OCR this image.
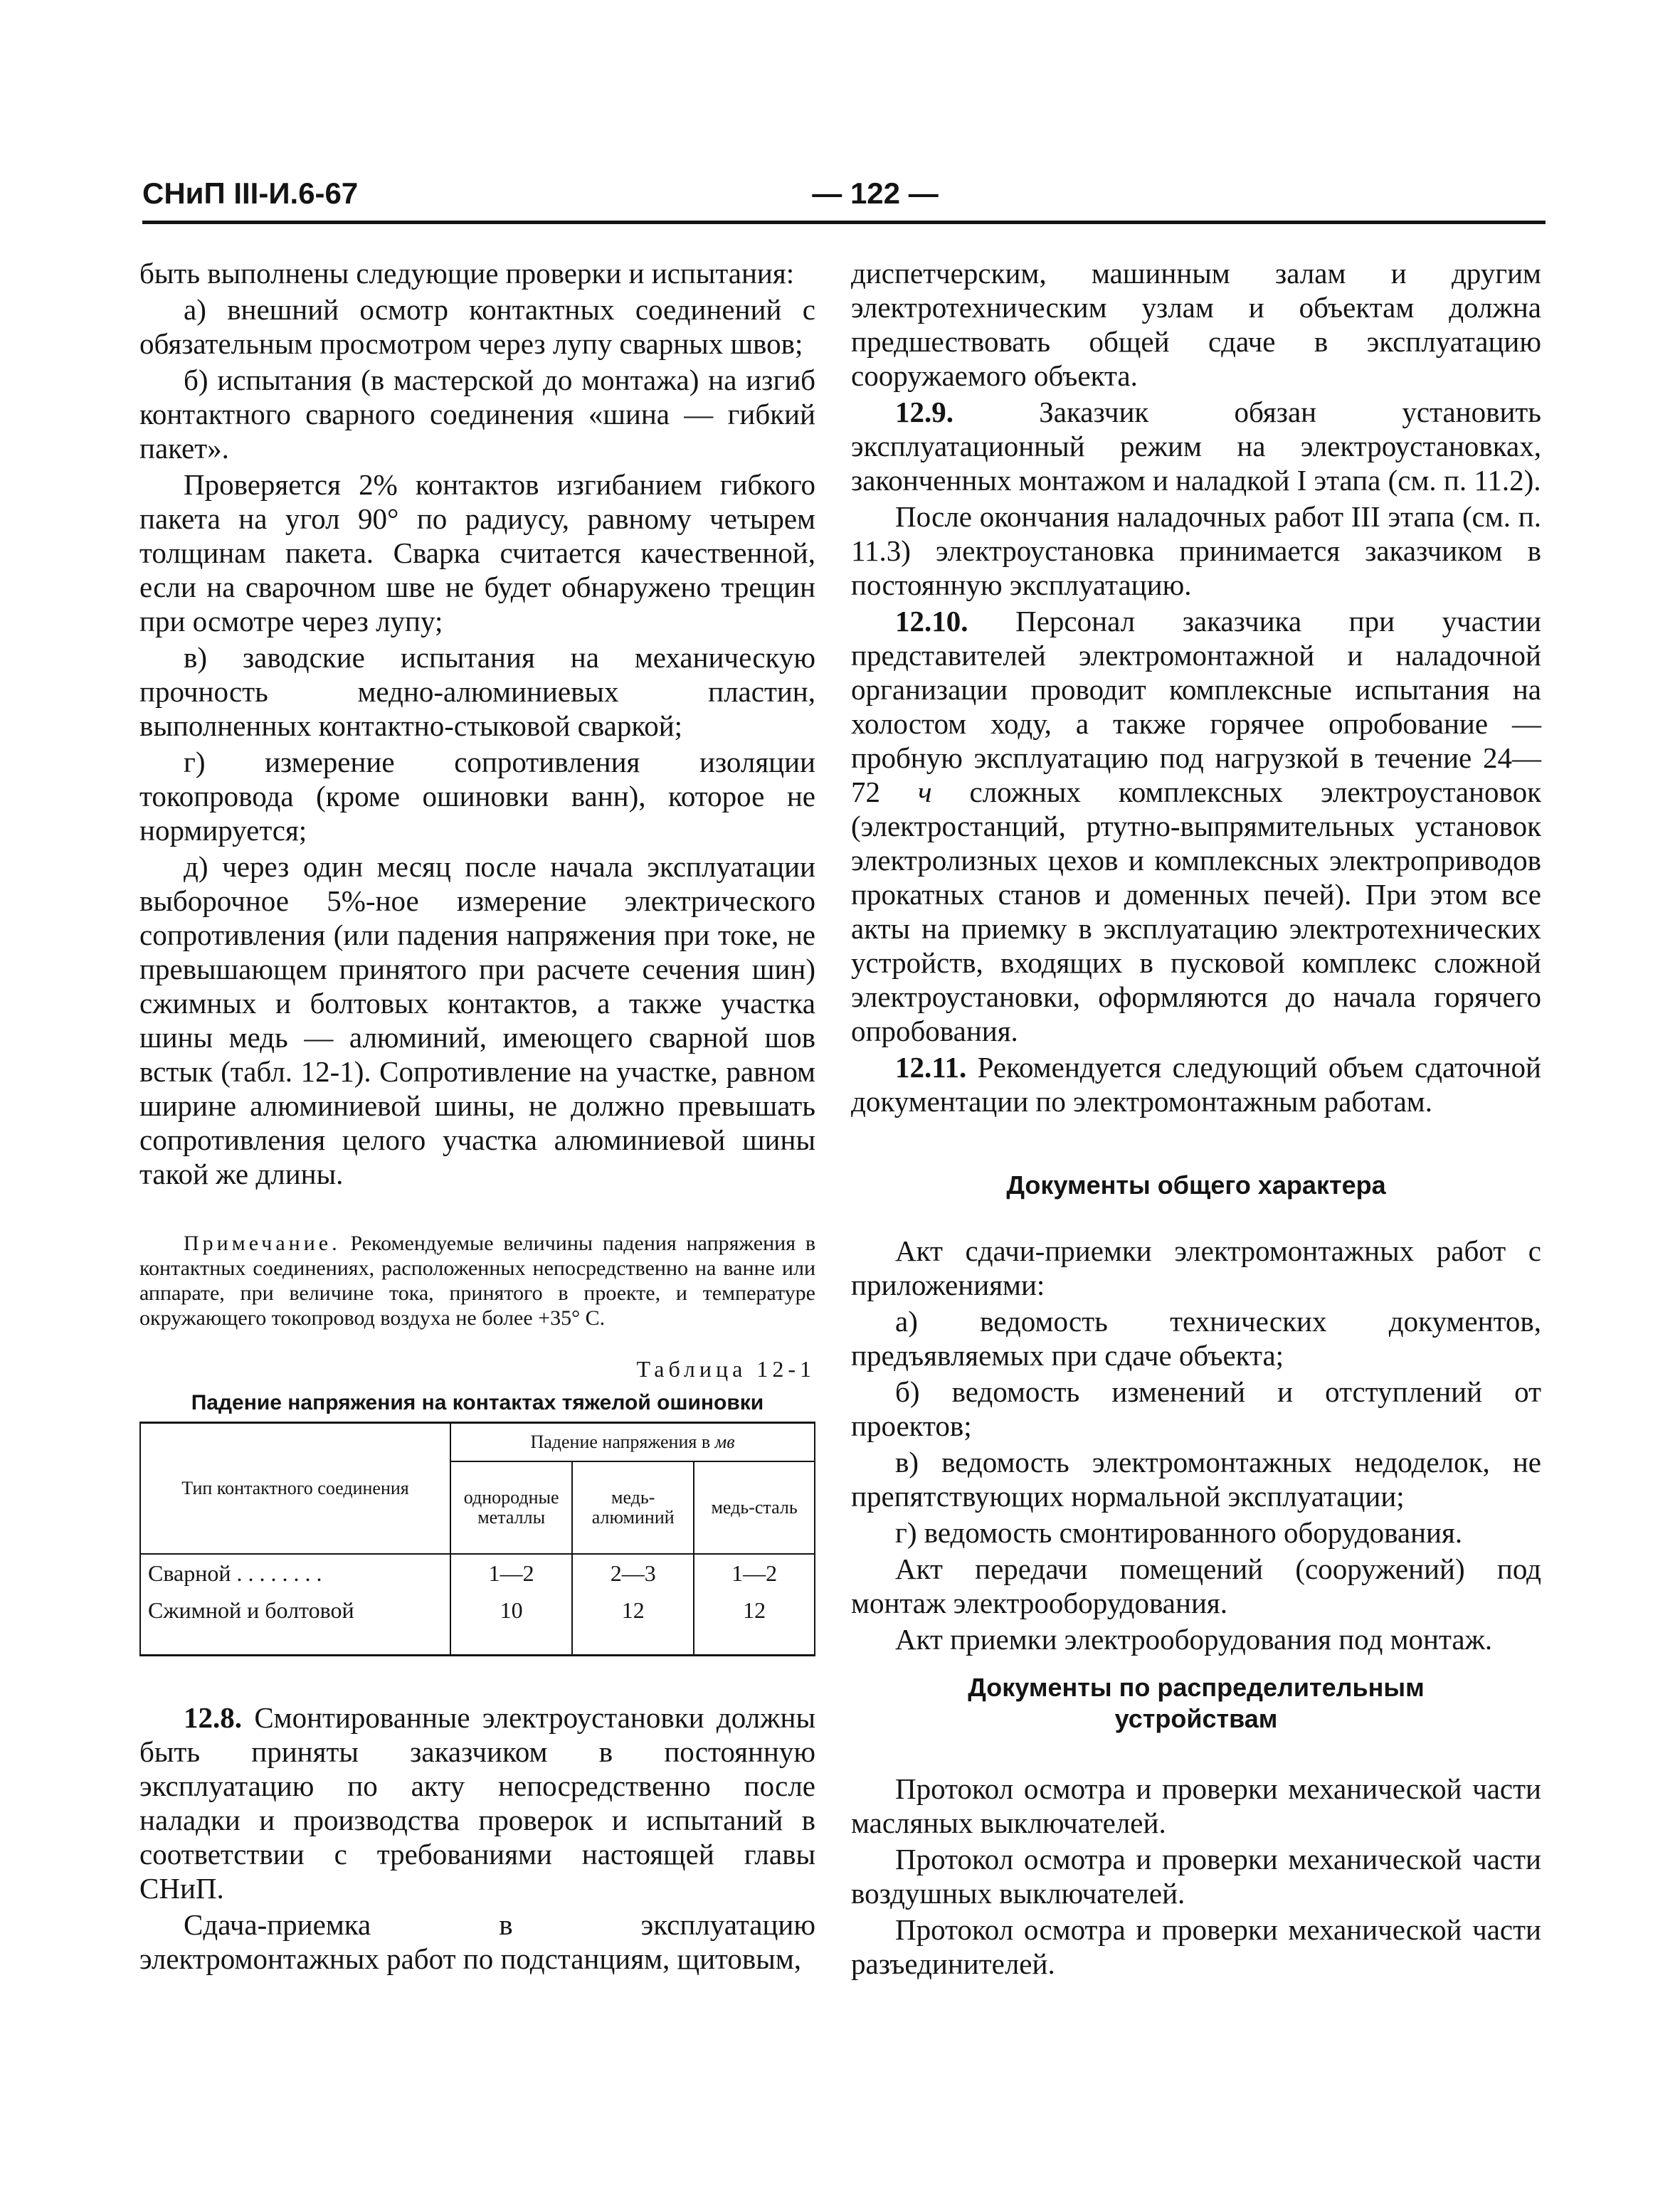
СНиП III-И.6-67	— 122 —

быть выполнены следующие проверки и испытания:

а) внешний осмотр контактных соединений с обязательным просмотром через лупу сварных швов;

б) испытания (в мастерской до монтажа) на изгиб контактного сварного соединения «шина — гибкий пакет».

Проверяется 2% контактов изгибанием гибкого пакета на угол 90° по радиусу, равному четырем толщинам пакета. Сварка считается качественной, если на сварочном шве не будет обнаружено трещин при осмотре через лупу;

в) заводские испытания на механическую прочность медно-алюминиевых пластин, выполненных контактно-стыковой сваркой;

г) измерение сопротивления изоляции токопровода (кроме ошиновки ванн), которое не нормируется;

д) через один месяц после начала эксплуатации выборочное 5%-ное измерение электрического сопротивления (или падения напряжения при токе, не превышающем принятого при расчете сечения шин) сжимных и болтовых контактов, а также участка шины медь — алюминий, имеющего сварной шов встык (табл. 12-1). Сопротивление на участке, равном ширине алюминиевой шины, не должно превышать сопротивления целого участка алюминиевой шины такой же длины.

Примечание. Рекомендуемые величины падения напряжения в контактных соединениях, расположенных непосредственно на ванне или аппарате, при величине тока, принятого в проекте, и температуре окружающего токопровод воздуха не более +35° С.

Таблица 12-1
Падение напряжения на контактах тяжелой ошиновки
Тип контактного соединения	Падение напряжения в мв		
	однородные металлы	медь-алюминий	медь-сталь
Сварной . . . . . . . .	1—2	2—3	1—2
Сжимной и болтовой	10	12	12

12.8. Смонтированные электроустановки должны быть приняты заказчиком в постоянную эксплуатацию по акту непосредственно после наладки и производства проверок и испытаний в соответствии с требованиями настоящей главы СНиП.

Сдача-приемка в эксплуатацию электромонтажных работ по подстанциям, щитовым,

диспетчерским, машинным залам и другим электротехническим узлам и объектам должна предшествовать общей сдаче в эксплуатацию сооружаемого объекта.

12.9.	Заказчик обязан установить эксплуатационный режим на электроустановках, законченных монтажом и наладкой I этапа (см. п. 11.2).

После окончания наладочных работ III этапа (см. п. 11.3) электроустановка принимается заказчиком в постоянную эксплуатацию.

12.10. Персонал заказчика при участии представителей электромонтажной и наладочной организации проводит комплексные испытания на холостом ходу, а также горячее опробование — пробную эксплуатацию под нагрузкой в течение 24—72 ч сложных комплексных электроустановок (электростанций, ртутно-выпрямительных установок электролизных цехов и комплексных электроприводов прокатных станов и доменных печей). При этом все акты на приемку в эксплуатацию электротехнических устройств, входящих в пусковой комплекс сложной электроустановки, оформляются до начала горячего опробования.

12.11. Рекомендуется следующий объем сдаточной документации по электромонтажным работам.

Документы общего характера

Акт сдачи-приемки электромонтажных работ с приложениями:

а) ведомость технических документов, предъявляемых при сдаче объекта;

б) ведомость изменений и отступлений от проектов;

в) ведомость электромонтажных недоделок, не препятствующих нормальной эксплуатации;

г) ведомость смонтированного оборудования.

Акт передачи помещений (сооружений) под монтаж электрооборудования.

Акт приемки электрооборудования под монтаж.

Документы по распределительным
устройствам

Протокол осмотра и проверки механической части масляных выключателей.

Протокол осмотра и проверки механической части воздушных выключателей.

Протокол осмотра и проверки механической части разъединителей.
